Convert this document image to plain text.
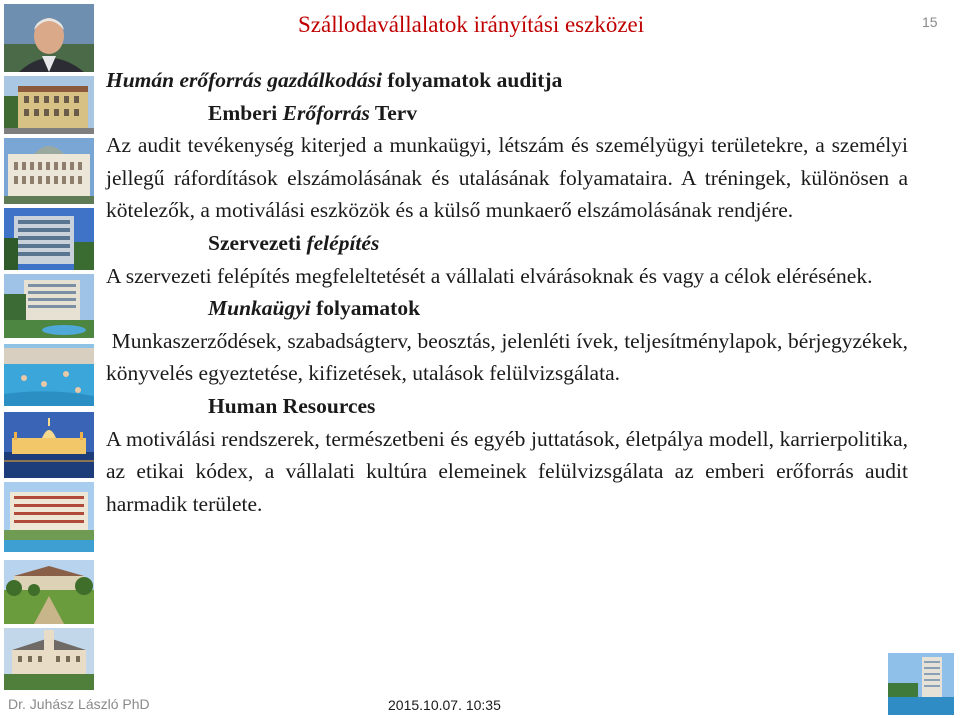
Szállodavállalatok irányítási eszközei	15

Humán erőforrás gazdálkodási folyamatok auditja

Emberi Erőforrás Terv

Az audit tevékenység kiterjed a munkaügyi, létszám és személyügyi területekre, a személyi jellegű ráfordítások elszámolásának és utalásának folyamataira. A tréningek, különösen a kötelezők, a motiválási eszközök és a külső munkaerő elszámolásának rendjére.

Szervezeti felépítés

A szervezeti felépítés megfeleltetését a vállalati elvárásoknak és vagy a célok elérésének.

Munkaügyi folyamatok

Munkaszerződések, szabadságterv, beosztás, jelenléti ívek, teljesítménylapok, bérjegyzékek, könyvelés egyeztetése, kifizetések, utalások felülvizsgálata.

Human Resources

A motiválási rendszerek, természetbeni és egyéb juttatások, életpálya modell, karrierpolitika, az etikai kódex, a vállalati kultúra elemeinek felülvizsgálata az emberi erőforrás audit harmadik területe.

Dr. Juhász László PhD	2015.10.07. 10:35
